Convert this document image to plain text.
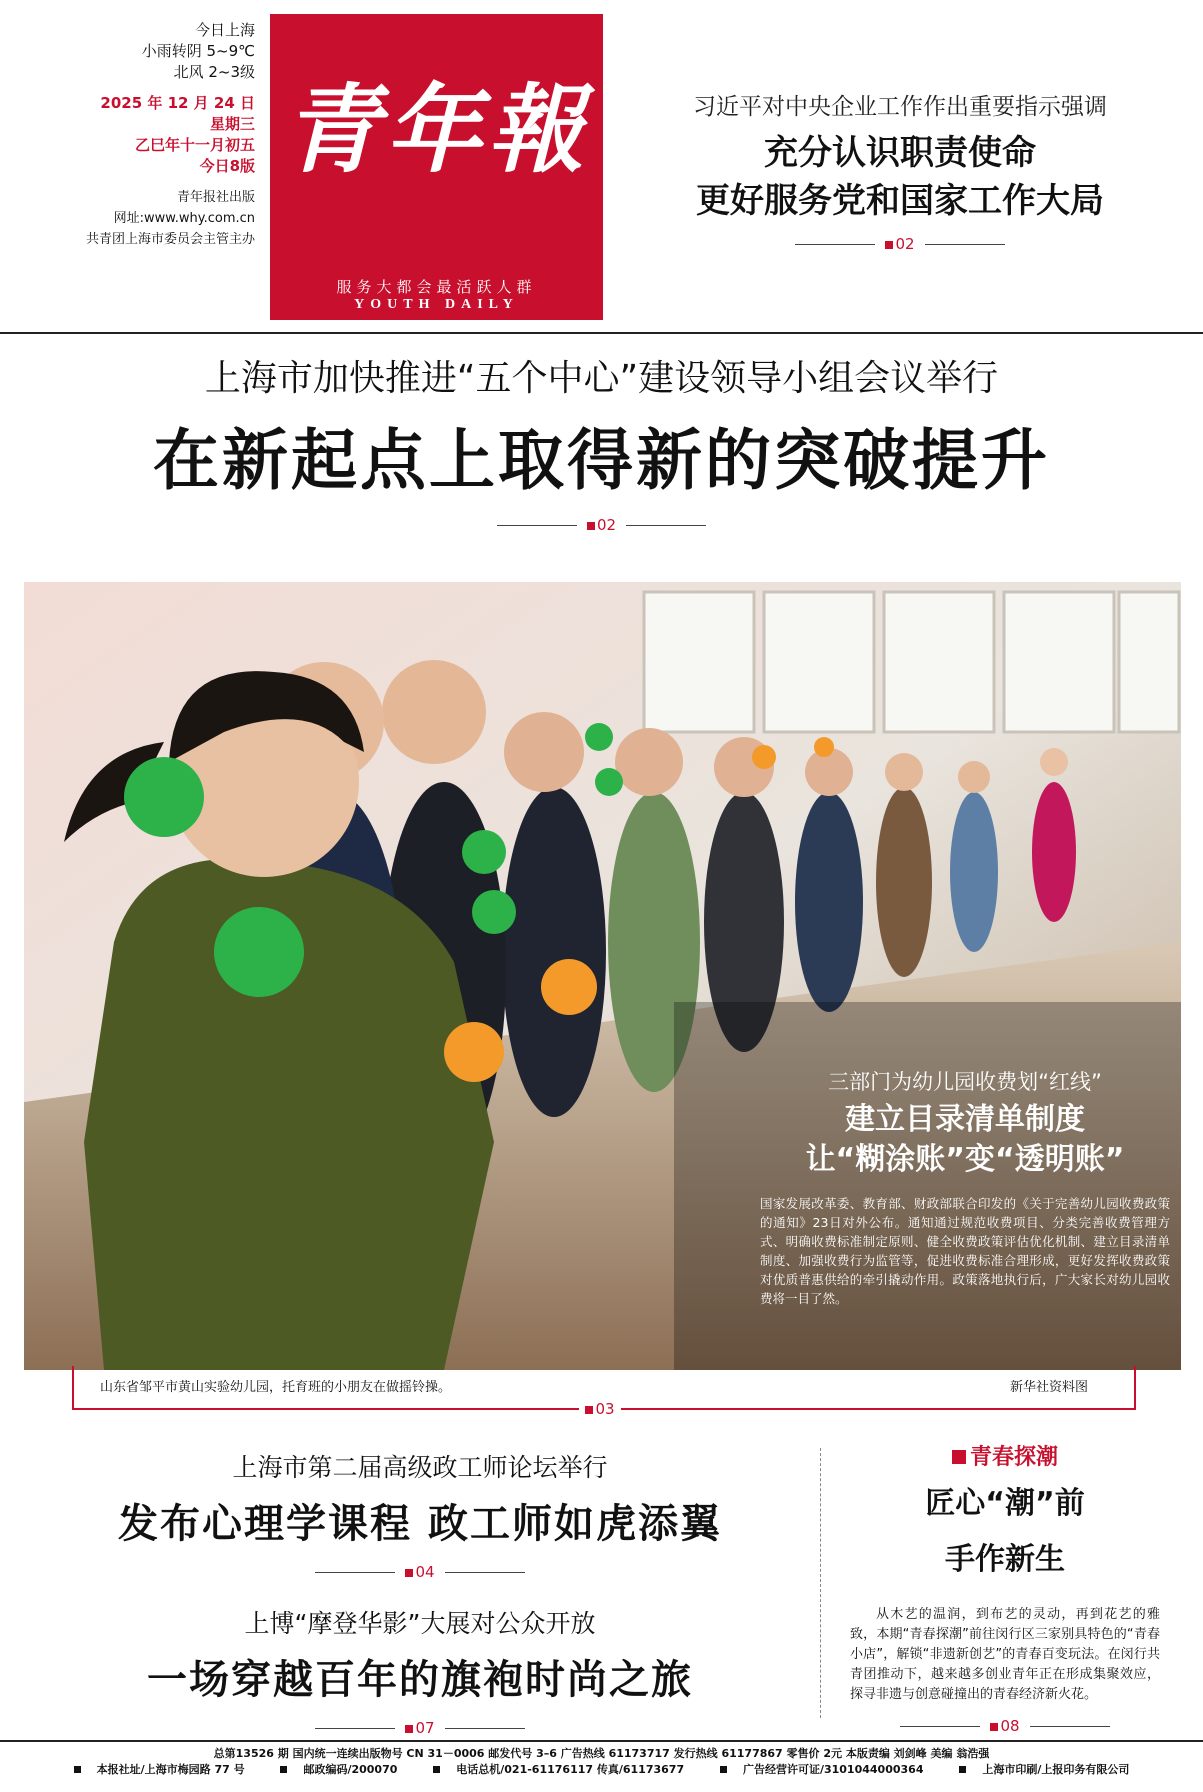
今日上海
小雨转阴 5~9℃
北风 2~3级
2025 年 12 月 24 日
星期三
乙巳年十一月初五
今日8版
青年报社出版
网址:www.why.com.cn
共青团上海市委员会主管主办
青年報
服务大都会最活跃人群
YOUTH DAILY
习近平对中央企业工作作出重要指示强调
充分认识职责使命
更好服务党和国家工作大局
02
上海市加快推进“五个中心”建设领导小组会议举行
在新起点上取得新的突破提升
02
三部门为幼儿园收费划“红线”
建立目录清单制度
让“糊涂账”变“透明账”
国家发展改革委、教育部、财政部联合印发的《关于完善幼儿园收费政策的通知》23日对外公布。通知通过规范收费项目、分类完善收费管理方式、明确收费标准制定原则、健全收费政策评估优化机制、建立目录清单制度、加强收费行为监管等，促进收费标准合理形成，更好发挥收费政策对优质普惠供给的牵引撬动作用。政策落地执行后，广大家长对幼儿园收费将一目了然。
山东省邹平市黄山实验幼儿园，托育班的小朋友在做摇铃操。	新华社资料图
03
上海市第二届高级政工师论坛举行
发布心理学课程 政工师如虎添翼
04
上博“摩登华影”大展对公众开放
一场穿越百年的旗袍时尚之旅
07
青春探潮
匠心“潮”前
手作新生
从木艺的温润，到布艺的灵动，再到花艺的雅致，本期“青春探潮”前往闵行区三家别具特色的“青春小店”，解锁“非遗新创艺”的青春百变玩法。在闵行共青团推动下，越来越多创业青年正在形成集聚效应，探寻非遗与创意碰撞出的青春经济新火花。
08
总第13526 期 国内统一连续出版物号 CN 31－0006 邮发代号 3–6 广告热线 61173717 发行热线 61177867 零售价 2元 本版责编 刘剑峰 美编 翁浩强
本报社址/上海市梅园路 77 号	邮政编码/200070	电话总机/021-61176117 传真/61173677	广告经营许可证/3101044000364	上海市印刷/上报印务有限公司
